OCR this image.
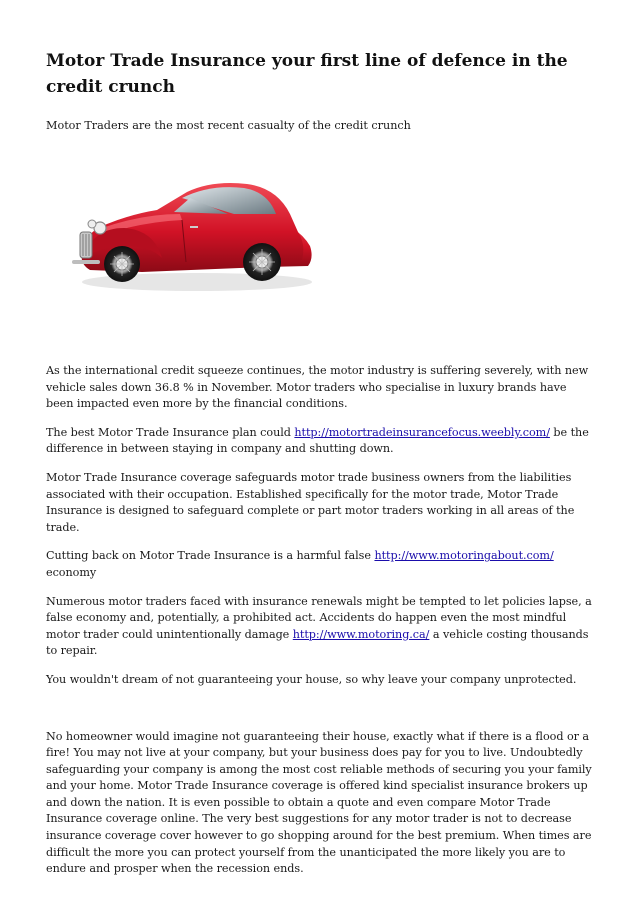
Motor Trade Insurance your first line of defence in the credit crunch

Motor Traders are the most recent casualty of the credit crunch

As the international credit squeeze continues, the motor industry is suffering severely, with new vehicle sales down 36.8 % in November. Motor traders who specialise in luxury brands have been impacted even more by the financial conditions.

The best Motor Trade Insurance plan could http://motortradeinsurancefocus.weebly.com/ be the difference in between staying in company and shutting down.

Motor Trade Insurance coverage safeguards motor trade business owners from the liabilities associated with their occupation. Established specifically for the motor trade, Motor Trade Insurance is designed to safeguard complete or part motor traders working in all areas of the trade.

Cutting back on Motor Trade Insurance is a harmful false http://www.motoringabout.com/ economy

Numerous motor traders faced with insurance renewals might be tempted to let policies lapse, a false economy and, potentially, a prohibited act. Accidents do happen even the most mindful motor trader could unintentionally damage http://www.motoring.ca/ a vehicle costing thousands to repair.

You wouldn't dream of not guaranteeing your house, so why leave your company unprotected.

No homeowner would imagine not guaranteeing their house, exactly what if there is a flood or a fire! You may not live at your company, but your business does pay for you to live. Undoubtedly safeguarding your company is among the most cost reliable methods of securing you your family and your home. Motor Trade Insurance coverage is offered kind specialist insurance brokers up and down the nation. It is even possible to obtain a quote and even compare Motor Trade Insurance coverage online. The very best suggestions for any motor trader is not to decrease insurance coverage cover however to go shopping around for the best premium. When times are difficult the more you can protect yourself from the unanticipated the more likely you are to endure and prosper when the recession ends.
